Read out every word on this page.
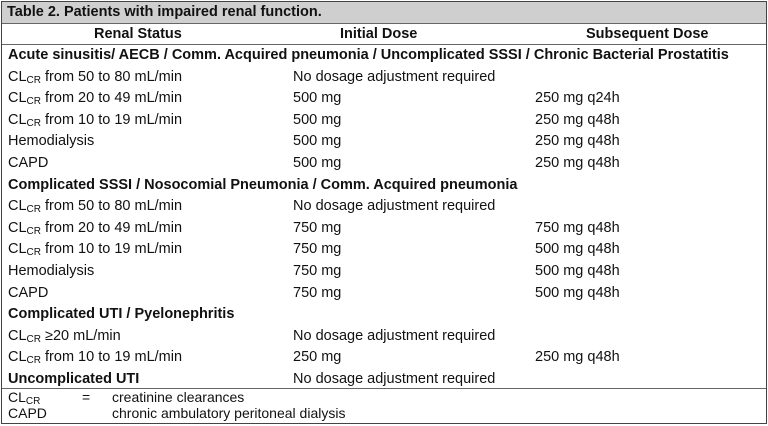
Table 2. Patients with impaired renal function.
Renal Status	Initial Dose	Subsequent Dose
Acute sinusitis/ AECB / Comm. Acquired pneumonia / Uncomplicated SSSI / Chronic Bacterial Prostatitis
$CL_{CR}$ from 50 to 80 mL/min	No dosage adjustment required
$CL_{CR}$ from 20 to 49 mL/min	500 mg	250 mg q24h
$CL_{CR}$ from 10 to 19 mL/min	500 mg	250 mg q48h
Hemodialysis	500 mg	250 mg q48h
CAPD	500 mg	250 mg q48h
Complicated SSSI / Nosocomial Pneumonia / Comm. Acquired pneumonia
$CL_{CR}$ from 50 to 80 mL/min	No dosage adjustment required
$CL_{CR}$ from 20 to 49 mL/min	750 mg	750 mg q48h
$CL_{CR}$ from 10 to 19 mL/min	750 mg	500 mg q48h
Hemodialysis	750 mg	500 mg q48h
CAPD	750 mg	500 mg q48h
Complicated UTI / Pyelonephritis
$CL_{CR} \ge 20$ mL/min	No dosage adjustment required
$CL_{CR}$ from 10 to 19 mL/min	250 mg	250 mg q48h
Uncomplicated UTI	No dosage adjustment required
$CL_{CR}$	= creatinine clearances
CAPD	chronic ambulatory peritoneal dialysis
